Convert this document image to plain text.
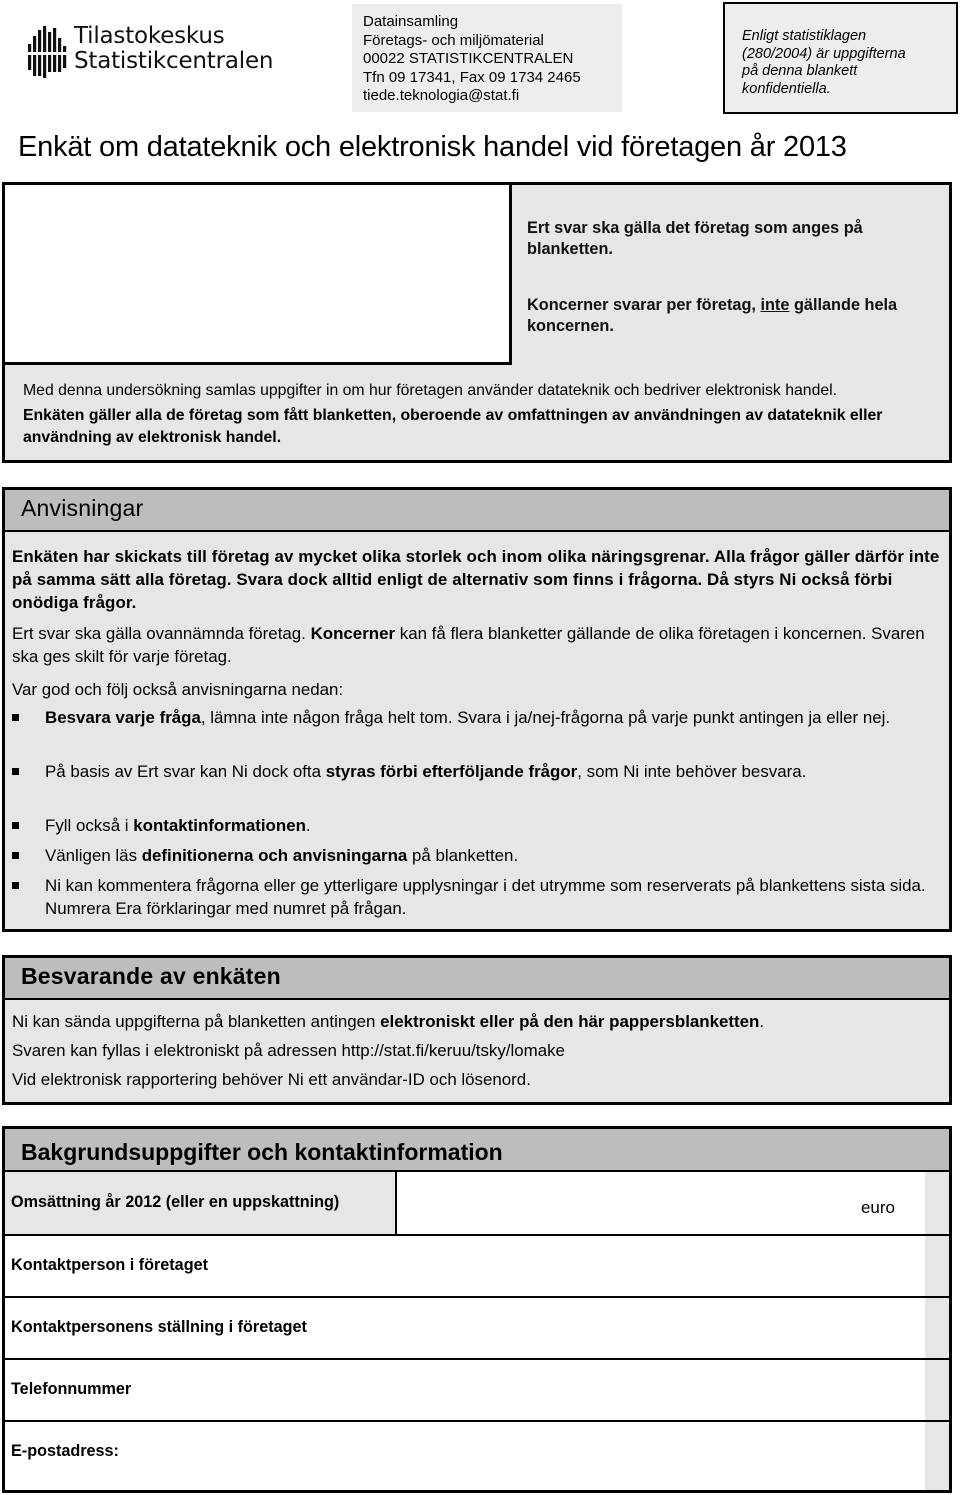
Tilastokeskus
Statistikcentralen
Datainsamling
Företags- och miljömaterial
00022 STATISTIKCENTRALEN
Tfn 09 17341, Fax 09 1734 2465
tiede.teknologia@stat.fi
Enligt statistiklagen
(280/2004) är uppgifterna
på denna blankett
konfidentiella.
Enkät om datateknik och elektronisk handel vid företagen år 2013
Ert svar ska gälla det företag som anges på blanketten.
Koncerner svarar per företag, inte gällande hela koncernen.
Med denna undersökning samlas uppgifter in om hur företagen använder datateknik och bedriver elektronisk handel.
Enkäten gäller alla de företag som fått blanketten, oberoende av omfattningen av användningen av datateknik eller användning av elektronisk handel.
Anvisningar
Enkäten har skickats till företag av mycket olika storlek och inom olika näringsgrenar. Alla frågor gäller därför inte på samma sätt alla företag. Svara dock alltid enligt de alternativ som finns i frågorna. Då styrs Ni också förbi onödiga frågor.
Ert svar ska gälla ovannämnda företag. Koncerner kan få flera blanketter gällande de olika företagen i koncernen. Svaren ska ges skilt för varje företag.
Var god och följ också anvisningarna nedan:
Besvara varje fråga, lämna inte någon fråga helt tom. Svara i ja/nej-frågorna på varje punkt antingen ja eller nej.
På basis av Ert svar kan Ni dock ofta styras förbi efterföljande frågor, som Ni inte behöver besvara.
Fyll också i kontaktinformationen.
Vänligen läs definitionerna och anvisningarna på blanketten.
Ni kan kommentera frågorna eller ge ytterligare upplysningar i det utrymme som reserverats på blankettens sista sida. Numrera Era förklaringar med numret på frågan.
Besvarande av enkäten
Ni kan sända uppgifterna på blanketten antingen elektroniskt eller på den här pappersblanketten.
Svaren kan fyllas i elektroniskt på adressen http://stat.fi/keruu/tsky/lomake
Vid elektronisk rapportering behöver Ni ett användar-ID och lösenord.
Bakgrundsuppgifter och kontaktinformation
Omsättning år 2012 (eller en uppskattning)	euro
Kontaktperson i företaget
Kontaktpersonens ställning i företaget
Telefonnummer
E-postadress:
